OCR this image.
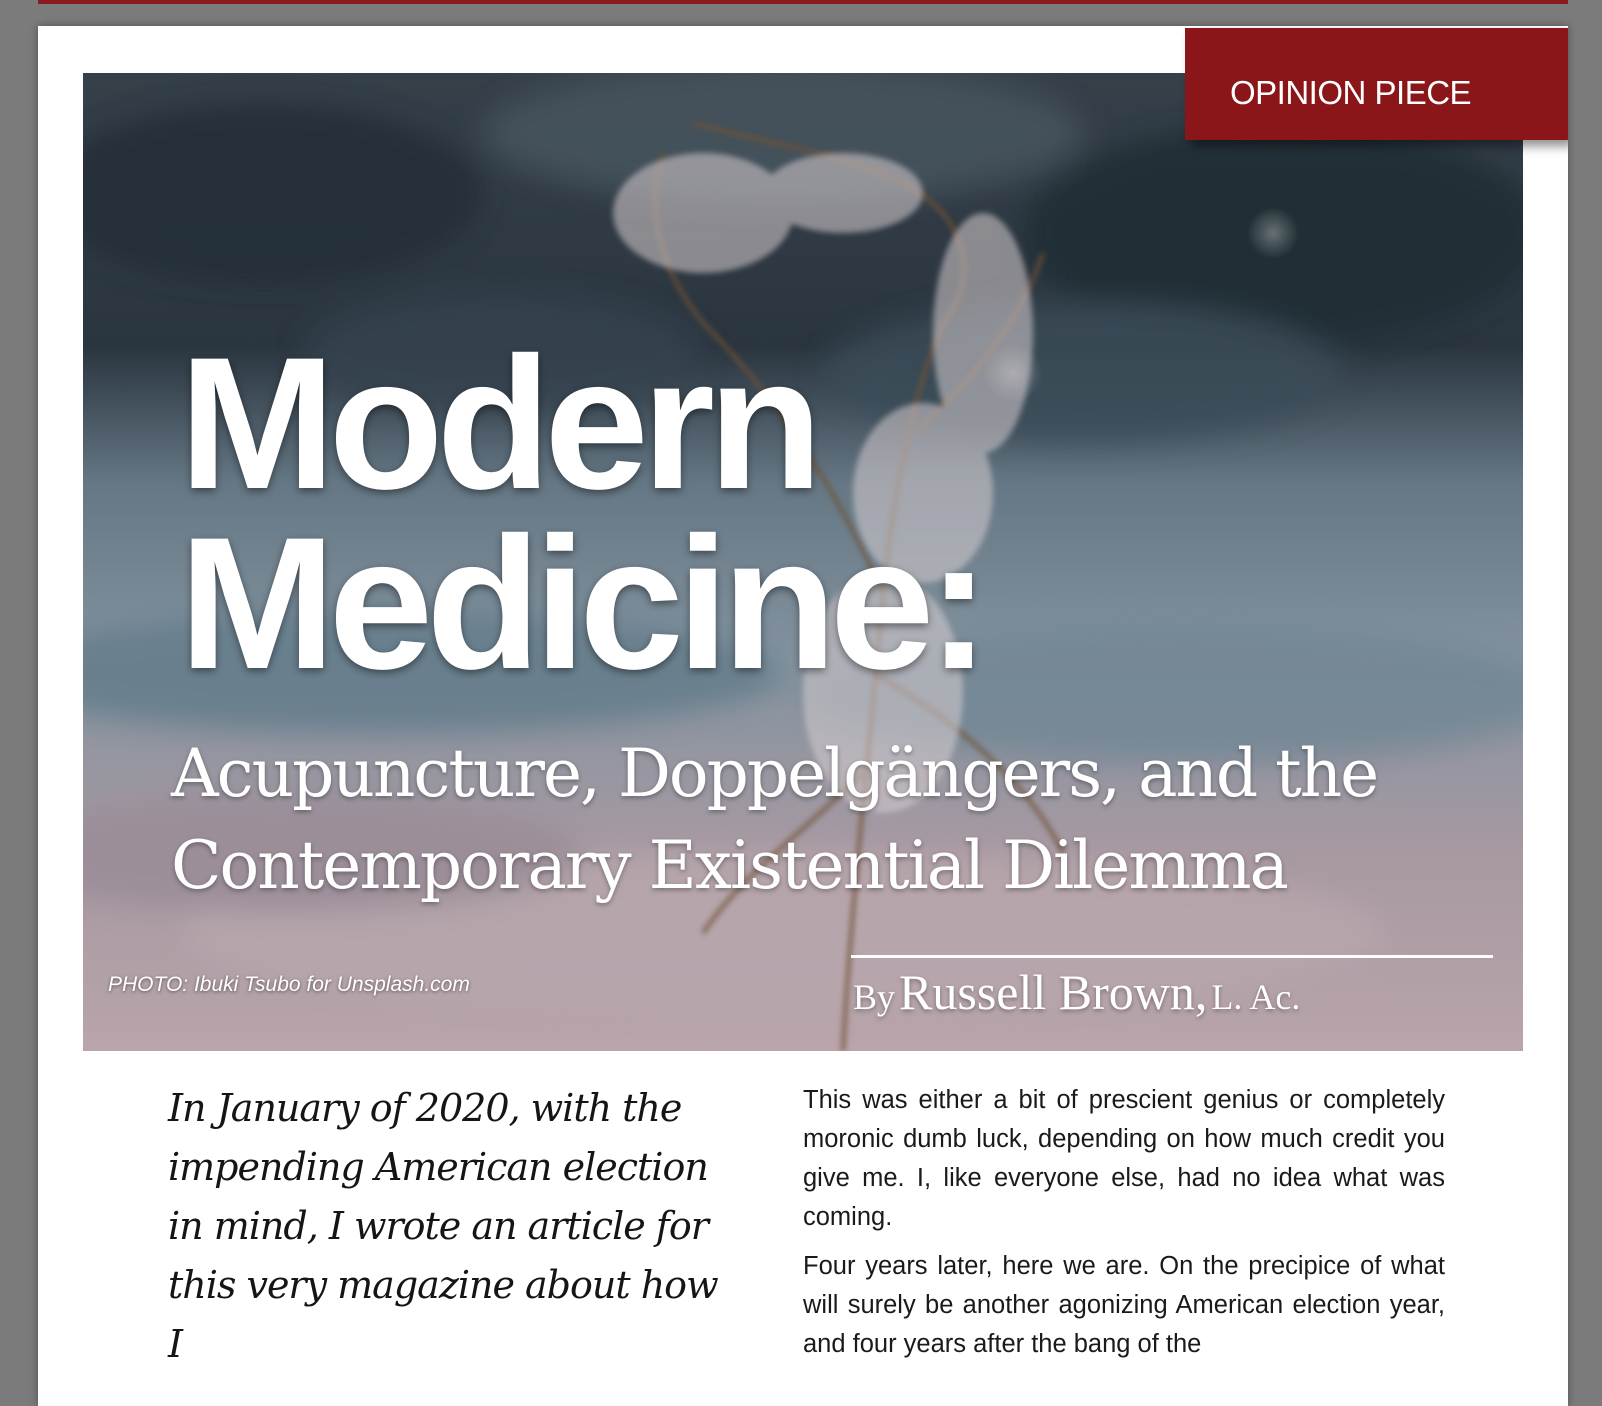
Modern
Medicine:
Acupuncture, Doppelgängers, and the Contemporary Existential Dilemma
By Russell Brown, L. Ac.
PHOTO: Ibuki Tsubo for Unsplash.com
OPINION PIECE
In January of 2020, with the impending American election in mind, I wrote an article for this very magazine about how I

This was either a bit of prescient genius or completely moronic dumb luck, depending on how much credit you give me. I, like everyone else, had no idea what was coming.

Four years later, here we are. On the precipice of what will surely be another agonizing American election year, and four years after the bang of the
